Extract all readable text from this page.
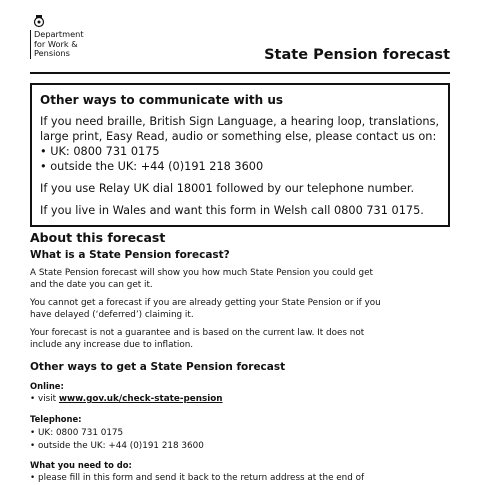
Department
for Work &
Pensions	State Pension forecast
Other ways to communicate with us
If you need braille, British Sign Language, a hearing loop, translations,
large print, Easy Read, audio or something else, please contact us on:
• UK: 0800 731 0175
• outside the UK: +44 (0)191 218 3600
If you use Relay UK dial 18001 followed by our telephone number.
If you live in Wales and want this form in Welsh call 0800 731 0175.
About this forecast
What is a State Pension forecast?
A State Pension forecast will show you how much State Pension you could get
and the date you can get it.
You cannot get a forecast if you are already getting your State Pension or if you
have delayed (‘deferred’) claiming it.
Your forecast is not a guarantee and is based on the current law. It does not
include any increase due to inflation.
Other ways to get a State Pension forecast
Online:
• visit www.gov.uk/check-state-pension
Telephone:
• UK: 0800 731 0175
• outside the UK: +44 (0)191 218 3600
What you need to do:
• please fill in this form and send it back to the return address at the end of
